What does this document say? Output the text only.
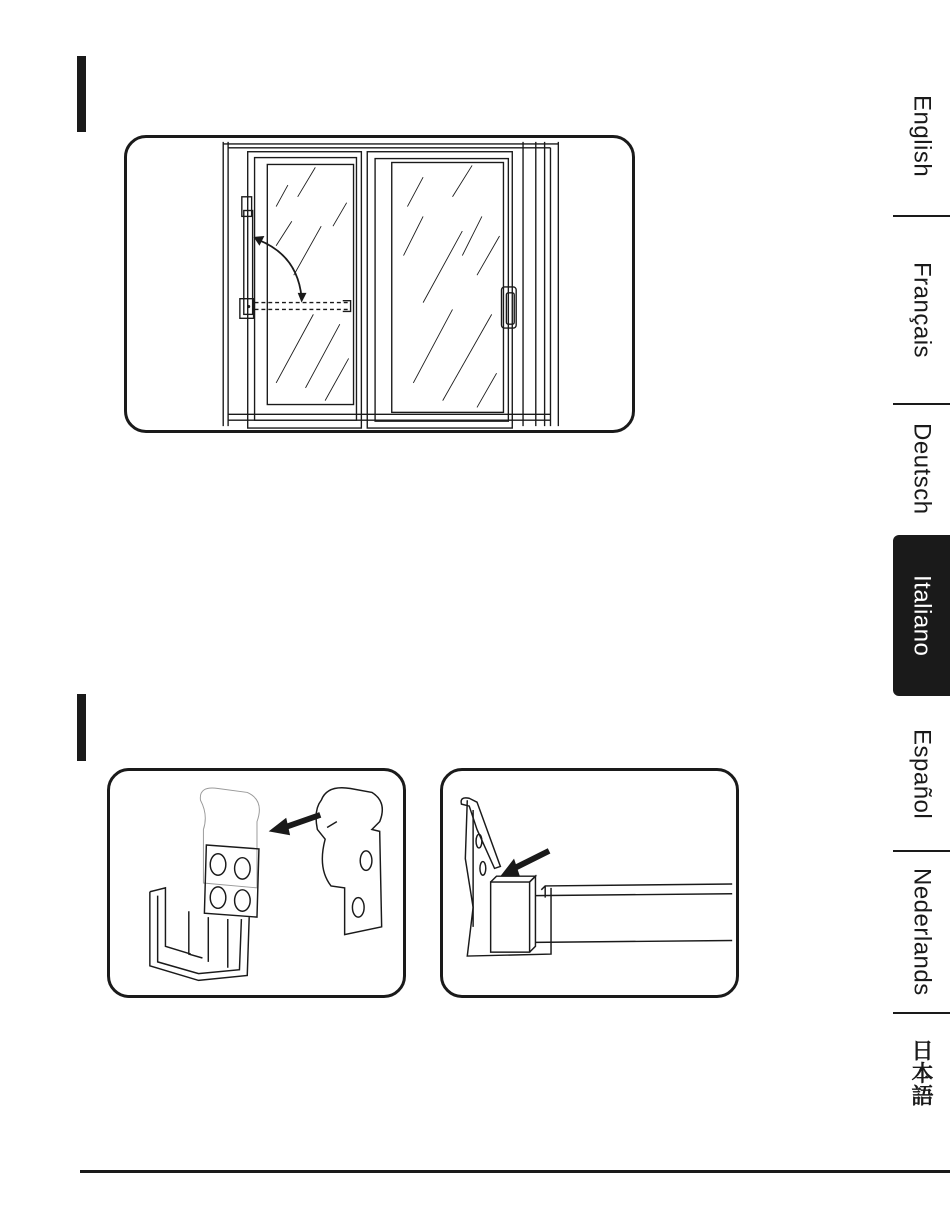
English
Français
Deutsch
Italiano
Español
Nederlands
日本語
